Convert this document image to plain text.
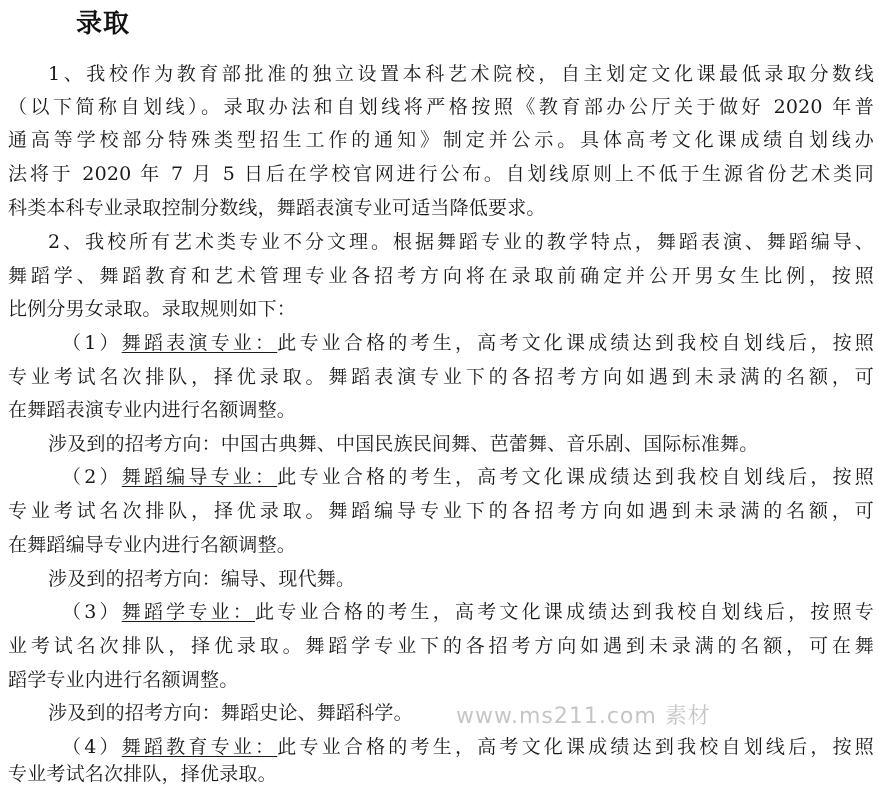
录取
1、我校作为教育部批准的独立设置本科艺术院校，自主划定文化课最低录取分数线
（以下简称自划线）。录取办法和自划线将严格按照《教育部办公厅关于做好 2020 年普
通高等学校部分特殊类型招生工作的通知》制定并公示。具体高考文化课成绩自划线办
法将于 2020 年 7 月 5 日后在学校官网进行公布。自划线原则上不低于生源省份艺术类同
科类本科专业录取控制分数线，舞蹈表演专业可适当降低要求。
2、我校所有艺术类专业不分文理。根据舞蹈专业的教学特点，舞蹈表演、舞蹈编导、
舞蹈学、舞蹈教育和艺术管理专业各招考方向将在录取前确定并公开男女生比例，按照
比例分男女录取。录取规则如下：
（1）舞蹈表演专业：此专业合格的考生，高考文化课成绩达到我校自划线后，按照
专业考试名次排队，择优录取。舞蹈表演专业下的各招考方向如遇到未录满的名额，可
在舞蹈表演专业内进行名额调整。
涉及到的招考方向：中国古典舞、中国民族民间舞、芭蕾舞、音乐剧、国际标准舞。
（2）舞蹈编导专业：此专业合格的考生，高考文化课成绩达到我校自划线后，按照
专业考试名次排队，择优录取。舞蹈编导专业下的各招考方向如遇到未录满的名额，可
在舞蹈编导专业内进行名额调整。
涉及到的招考方向：编导、现代舞。
（3）舞蹈学专业：此专业合格的考生，高考文化课成绩达到我校自划线后，按照专
业考试名次排队，择优录取。舞蹈学专业下的各招考方向如遇到未录满的名额，可在舞
蹈学专业内进行名额调整。
涉及到的招考方向：舞蹈史论、舞蹈科学。
（4）舞蹈教育专业：此专业合格的考生，高考文化课成绩达到我校自划线后，按照
专业考试名次排队，择优录取。
www.ms211.com 素材
